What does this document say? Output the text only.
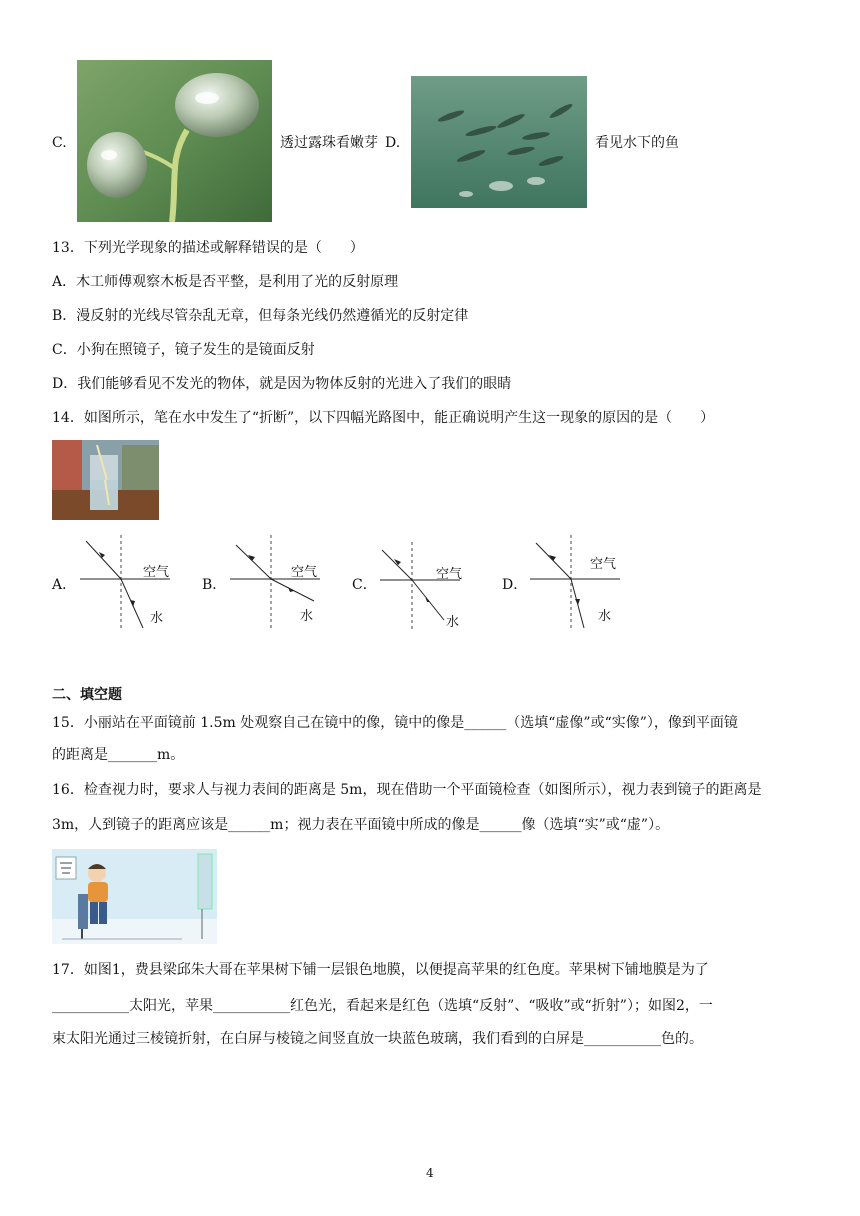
C.	透过露珠看嫩芽 D.	看见水下的鱼
13．下列光学现象的描述或解释错误的是（　　）
A．木工师傅观察木板是否平整，是利用了光的反射原理
B．漫反射的光线尽管杂乱无章，但每条光线仍然遵循光的反射定律
C．小狗在照镜子，镜子发生的是镜面反射
D．我们能够看见不发光的物体，就是因为物体反射的光进入了我们的眼睛
14．如图所示，笔在水中发生了“折断”，以下四幅光路图中，能正确说明产生这一现象的原因的是（　　）
A．
空气
水
B．
空气
水
C．
空气
水
D．
空气
水
二、填空题
15．小丽站在平面镜前 1.5m 处观察自己在镜中的像，镜中的像是______（选填“虚像”或“实像”），像到平面镜
的距离是_______m。
16．检查视力时，要求人与视力表间的距离是 5m，现在借助一个平面镜检查（如图所示），视力表到镜子的距离是
3m，人到镜子的距离应该是______m；视力表在平面镜中所成的像是______像（选填“实”或“虚”）。
17．如图1，费县梁邱朱大哥在苹果树下铺一层银色地膜，以便提高苹果的红色度。苹果树下铺地膜是为了
___________太阳光，苹果___________红色光，看起来是红色（选填“反射”、“吸收”或“折射”）；如图2，一
束太阳光通过三棱镜折射，在白屏与棱镜之间竖直放一块蓝色玻璃，我们看到的白屏是___________色的。
4
